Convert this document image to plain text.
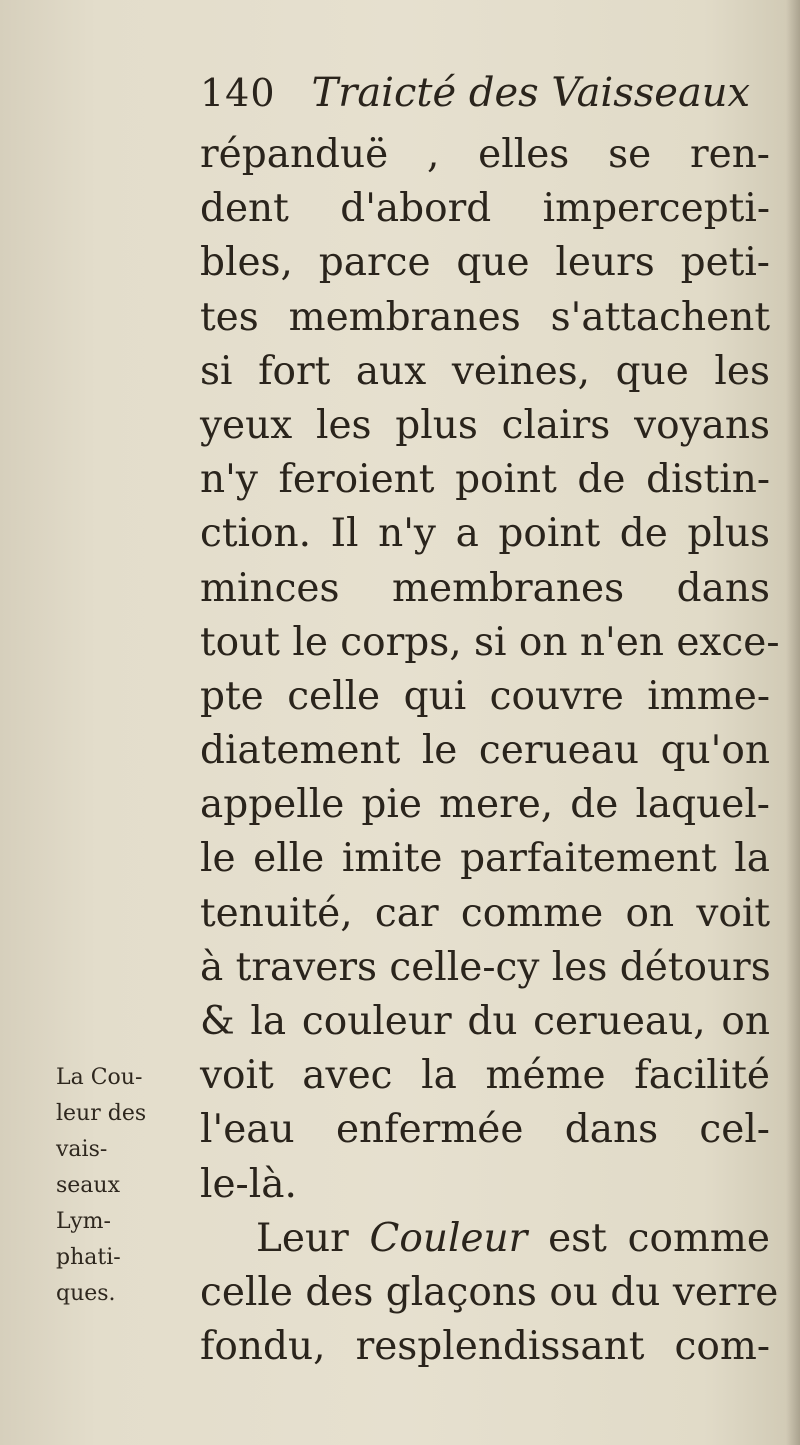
140 Traicté des Vaisseaux
répanduë , elles se ren-
dent d'abord impercepti-
bles, parce que leurs peti-
tes membranes s'attachent
si fort aux veines, que les
yeux les plus clairs voyans
n'y feroient point de distin-
ction. Il n'y a point de plus
minces membranes dans
tout le corps, si on n'en exce-
pte celle qui couvre imme-
diatement le cerueau qu'on
appelle pie mere, de laquel-
le elle imite parfaitement la
tenuité, car comme on voit
à travers celle-cy les détours
& la couleur du cerueau, on
voit avec la méme facilité
l'eau enfermée dans cel-
le-là.
Leur Couleur est comme
celle des glaçons ou du verre
fondu, resplendissant com-
La Cou-
leur des
vais-
seaux
Lym-
phati-
ques.
